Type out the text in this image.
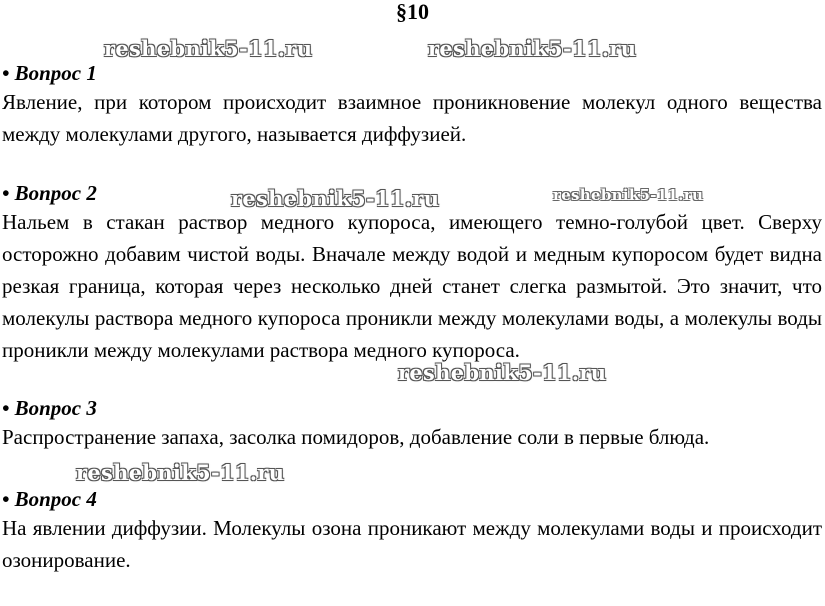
§10
reshebnik5-11.ru	reshebnik5-11.ru
• Вопрос 1
Явление, при котором происходит взаимное проникновение молекул одного вещества между молекулами другого, называется диффузией.
• Вопрос 2	reshebnik5-11.ru	reshebnik5-11.ru
Нальем в стакан раствор медного купороса, имеющего темно-голубой цвет. Сверху осторожно добавим чистой воды. Вначале между водой и медным купоросом будет видна резкая граница, которая через несколько дней станет слегка размытой. Это значит, что молекулы раствора медного купороса проникли между молекулами воды, а молекулы воды проникли между молекулами раствора медного купороса.
reshebnik5-11.ru
• Вопрос 3
Распространение запаха, засолка помидоров, добавление соли в первые блюда.
reshebnik5-11.ru
• Вопрос 4
На явлении диффузии. Молекулы озона проникают между молекулами воды и происходит озонирование.
